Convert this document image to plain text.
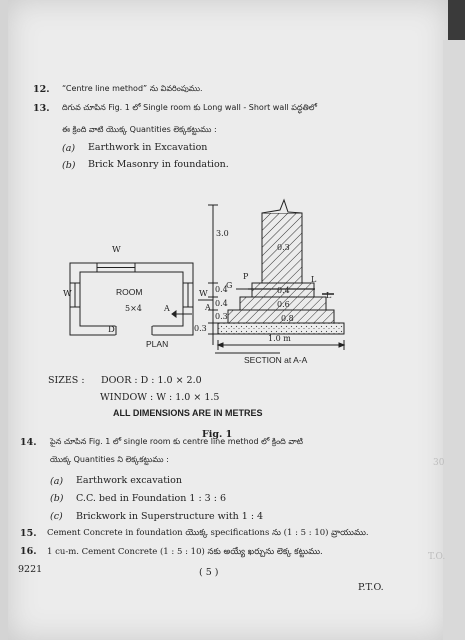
30
T.O.
12. “Centre line method” ను వివరింపుము.
13. దిగువ చూపిన Fig. 1 లో Single room కు Long wall - Short wall పద్ధతిలో
ఈ క్రింది వాటి యొక్క Quantities లెక్కకట్టుము :
(a) Earthwork in Excavation
(b) Brick Masonry in foundation.
W
W	W
ROOM
5×4
D
A	A
PLAN
3.0
0.3
P	L
G
L
0.4
0.4
0.3
0.3
0.4
0.6
0.8
1.0 m
SECTION at A-A
SIZES : DOOR : D : 1.0 × 2.0
WINDOW : W : 1.0 × 1.5
ALL DIMENSIONS ARE IN METRES
Fig. 1
14. పైన చూపిన Fig. 1 లో single room కు centre line method లో క్రింది వాటి
యొక్క Quantities ని లెక్కకట్టుము :
(a) Earthwork excavation
(b) C.C. bed in Foundation 1 : 3 : 6
(c) Brickwork in Superstructure with 1 : 4
15. Cement Concrete in foundation యొక్క specifications ను (1 : 5 : 10) వ్రాయుము.
16. 1 cu-m. Cement Concrete (1 : 5 : 10) నకు అయ్యే ఖర్చును లెక్క కట్టుము.
9221	( 5 )
P.T.O.
